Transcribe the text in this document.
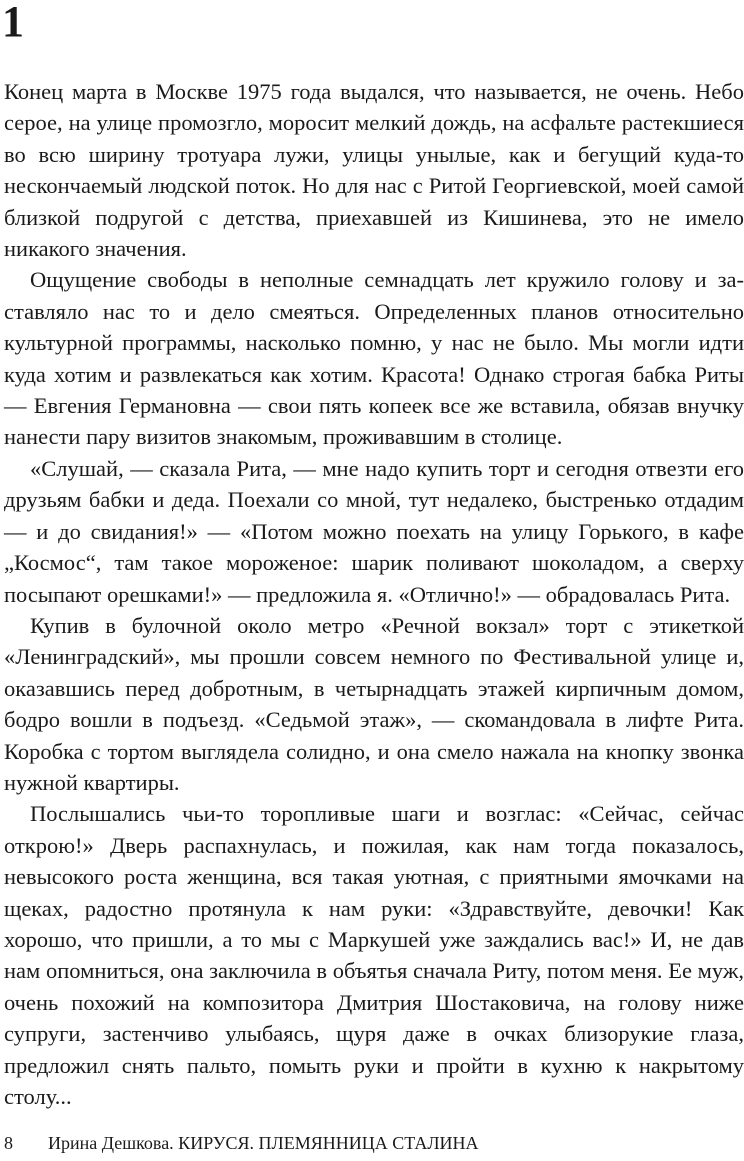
1

Конец марта в Москве 1975 года выдался, что называется, не очень. Небо серое, на улице промозгло, моросит мелкий дождь, на асфальте растекшиеся во всю ширину тротуара лужи, улицы унылые, как и бегущий куда-то нескончаемый людской поток. Но для нас с Ритой Георгиевской, моей самой близкой подругой с детства, приехавшей из Кишинева, это не имело никакого значения.

Ощущение свободы в неполные семнадцать лет кружило голову и заставляло нас то и дело смеяться. Определенных планов относительно культурной программы, насколько помню, у нас не было. Мы могли идти куда хотим и развлекаться как хотим. Красота! Однако строгая бабка Риты — Евгения Германовна — свои пять копеек все же вставила, обязав внучку нанести пару визитов знакомым, проживавшим в столице.

«Слушай, — сказала Рита, — мне надо купить торт и сегодня отвезти его друзьям бабки и деда. Поехали со мной, тут недалеко, быстренько отдадим — и до свидания!» — «Потом можно поехать на улицу Горького, в кафе „Космос“, там такое мороженое: шарик поливают шоколадом, а сверху посыпают орешками!» — предложила я. «Отлично!» — обрадовалась Рита.

Купив в булочной около метро «Речной вокзал» торт с этикеткой «Ленинградский», мы прошли совсем немного по Фестивальной улице и, оказавшись перед добротным, в четырнадцать этажей кирпичным домом, бодро вошли в подъезд. «Седьмой этаж», — скомандовала в лифте Рита. Коробка с тортом выглядела солидно, и она смело нажала на кнопку звонка нужной квартиры.

Послышались чьи-то торопливые шаги и возглас: «Сейчас, сейчас открою!» Дверь распахнулась, и пожилая, как нам тогда показалось, невысокого роста женщина, вся такая уютная, с приятными ямочками на щеках, радостно протянула к нам руки: «Здравствуйте, девочки! Как хорошо, что пришли, а то мы с Маркушей уже заждались вас!» И, не дав нам опомниться, она заключила в объятья сначала Риту, потом меня. Ее муж, очень похожий на композитора Дмитрия Шостаковича, на голову ниже супруги, застенчиво улыбаясь, щуря даже в очках близорукие глаза, предложил снять пальто, помыть руки и пройти в кухню к накрытому столу...

8 Ирина Дешкова. КИРУСЯ. ПЛЕМЯННИЦА СТАЛИНА
